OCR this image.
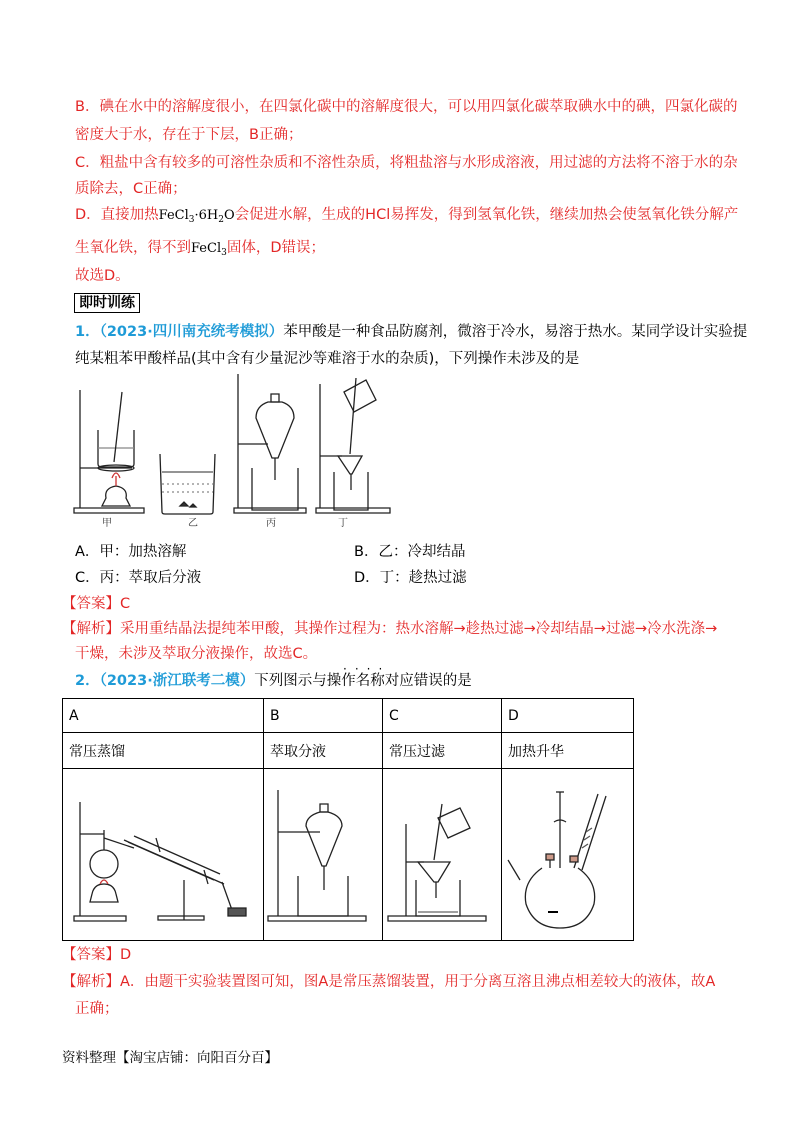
B．碘在水中的溶解度很小，在四氯化碳中的溶解度很大，可以用四氯化碳萃取碘水中的碘，四氯化碳的
密度大于水，存在于下层，B正确；
C．粗盐中含有较多的可溶性杂质和不溶性杂质，将粗盐溶与水形成溶液，用过滤的方法将不溶于水的杂
质除去，C正确；
D．直接加热$FeCl_3\cdot 6H_2O$会促进水解，生成的HCl易挥发，得到氢氧化铁，继续加热会使氢氧化铁分解产
生氧化铁，得不到FeCl$_3$固体，D错误；
故选D。
即时训练
1．（2023·四川南充统考模拟）苯甲酸是一种食品防腐剂，微溶于冷水，易溶于热水。某同学设计实验提
纯某粗苯甲酸样品(其中含有少量泥沙等难溶于水的杂质)，下列操作未涉及的是
甲	乙	丙	丁
A．甲：加热溶解	B．乙：冷却结晶
C．丙：萃取后分液	D．丁：趁热过滤
【答案】C
【解析】采用重结晶法提纯苯甲酸，其操作过程为：热水溶解→趁热过滤→冷却结晶→过滤→冷水洗涤→
干燥，未涉及萃取分液操作，故选C。
····
2．（2023·浙江联考二模）下列图示与操作名称对应错误的是
A	B	C	D
常压蒸馏	萃取分液	常压过滤	加热升华

【答案】D
【解析】A．由题干实验装置图可知，图A是常压蒸馏装置，用于分离互溶且沸点相差较大的液体，故A
正确；
资料整理【淘宝店铺：向阳百分百】
